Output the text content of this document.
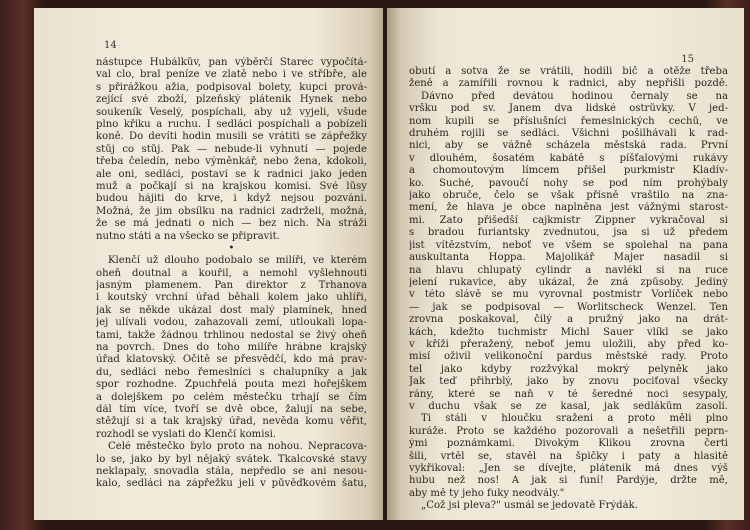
14
nástupce Hubálkův, pan výběrčí Starec vypočítá-
val clo, bral peníze ve zlatě nebo i ve stříbře, ale
s přirážkou ažia, podpisoval bolety, kupci prová-
zející své zboží, plzeňský plátenik Hynek nebo
soukeník Veselý, pospíchali, aby už vyjeli, všude
plno křiku a ruchu. I sedláci pospíchali a pobízeli
koně. Do devíti hodin musili se vrátiti se zápřežky
stůj co stůj. Pak — nebude-li vyhnutí — pojede
třeba čeledín, nebo výměnkář, nebo žena, kdokoli,
ale oni, sedláci, postaví se k radnici jako jeden
muž a počkají si na krajskou komisi. Své lůsy
budou hájiti do krve, i když nejsou pozváni.
Možná, že jim obsílku na radnici zadrželi, možná,
že se má jednati o nich — bez nich. Na stráži
nutno státi a na všecko se připravit.
•
Klenčí už dlouho podobalo se milíři, ve kterém
oheň doutnal a kouřil, a nemohl vyšlehnouti
jasným plamenem. Pan direktor z Trhanova
i koutský vrchní úřad běhali kolem jako uhlíři,
jak se někde ukázal dost malý plamínek, hned
jej ulívali vodou, zahazovali zemí, utloukali lopa-
tami, takže žádnou trhlinou nedostal se živý oheň
na povrch. Dnes do toho milíře hrábne krajský
úřad klatovský. Očitě se přesvědčí, kdo má prav-
du, sedláci nebo řemeslníci s chalupníky a jak
spor rozhodne. Zpuchřelá pouta mezi hořejškem
a dolejškem po celém městečku trhají se čím
dál tím více, tvoří se dvě obce, žalují na sebe,
stěžují si a tak krajský úřad, nevěda komu věřit,
rozhodl se vyslati do Klenčí komisi.
Celé městečko bylo proto na nohou. Nepracova-
lo se, jako by byl nějaký svátek. Tkalcovské stavy
neklapaly, snovadla stála, nepředlo se ani nesou-
kalo, sedláci na zápřežku jeli v půvěďkovém šatu,
15
obutí a sotva že se vrátili, hodili bič a otěže třeba
ženě a zamířili rovnou k radnici, aby nepřišli pozdě.
Dávno před devátou hodinou černaly se na
vršku pod sv. Janem dva lidské ostrůvky. V jed-
nom kupili se příslušníci řemeslnických cechů, ve
druhém rojili se sedláci. Všichni pošilhávali k rad-
nici, aby se vážně scházela městská rada. První
v dlouhém, šosatém kabátě s píšťalovými rukávy
a chomoutovým límcem přišel purkmistr Kladív-
ko. Suché, pavoučí nohy se pod ním prohýbaly
jako obruče, čelo se však přísně vraštilo na zna-
mení, že hlava je obce naplněna jest vážnými starost-
mi. Zato přišedší cajkmistr Zippner vykračoval si
s bradou furiantsky zvednutou, jsa si už předem
jist vítězstvím, neboť ve všem se spolehal na pana
auskultanta Hoppa. Majolikář Majer nasadil si
na hlavu chlupatý cylindr a navlékl si na ruce
jelení rukavice, aby ukázal, že zná způsoby. Jediný
v této slávě se mu vyrovnal postmistr Vorlíček nebo
— jak se podpisoval — Worlitscheck Wenzel. Ten
zrovna poskakoval, čilý a pružný jako na drát-
kách, kdežto tuchmistr Michl Sauer vlíkl se jako
v kříži přeražený, neboť jemu uložili, aby před ko-
misí oživil velikonoční pardus městské rady. Proto
tel jako kdyby rozžvýkal mokrý pelyněk jako
Jak teď přihrblý, jako by znovu pociťoval všecky
rány, které se naň v té šeredné noci sesypaly,
v duchu však se ze kasal, jak sedlákům zasolí.
Ti stáli v hloučku sraženi a proto měli plno
kuráže. Proto se každého pozorovali a nešetřili peprn-
ými poznámkami. Divokým Klikou zrovna čerti
šili, vrtěl se, stavěl na špičky i paty a hlasitě
vykřikoval: „Jen se dívejte, plátenik má dnes výš
hubu než nos! A jak si funí! Pardýje, držte mě,
aby mě ty jeho fuky neodvály."
„Což jsi pleva?" usmál se jedovatě Frýdák.
